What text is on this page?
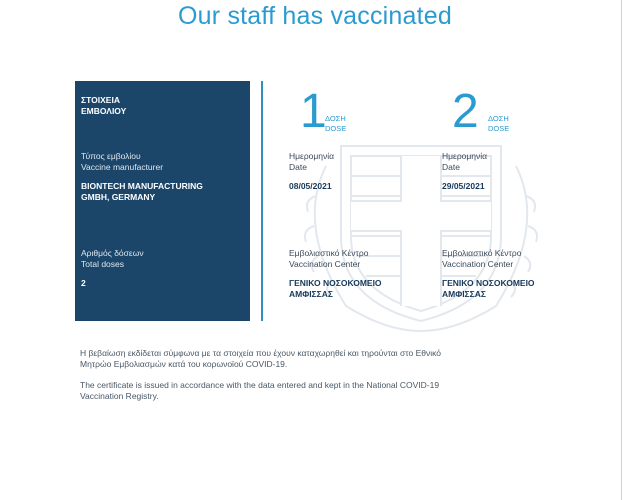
Our staff has vaccinated
ΣΤΟΙΧΕΙΑ
ΕΜΒΟΛΙΟΥ
Τύπος εμβολίου
Vaccine manufacturer
BIONTECH MANUFACTURING
GMBH, GERMANY
Αριθμός δόσεων
Total doses
2
1
ΔΟΣΗ
DOSE
Ημερομηνία
Date
08/05/2021
Εμβολιαστικό Κέντρο
Vaccination Center
ΓΕΝΙΚΟ ΝΟΣΟΚΟΜΕΙΟ
ΑΜΦΙΣΣΑΣ
2 ΔΟΣΗ
DOSE
Ημερομηνία
Date
29/05/2021
Εμβολιαστικό Κέντρο
Vaccination Center
ΓΕΝΙΚΟ ΝΟΣΟΚΟΜΕΙΟ
ΑΜΦΙΣΣΑΣ
Η βεβαίωση εκδίδεται σύμφωνα με τα στοιχεία που έχουν καταχωρηθεί και τηρούνται στο Εθνικό
Μητρώο Εμβολιασμών κατά του κορωνοϊού COVID-19.
The certificate is issued in accordance with the data entered and kept in the National COVID-19
Vaccination Registry.
